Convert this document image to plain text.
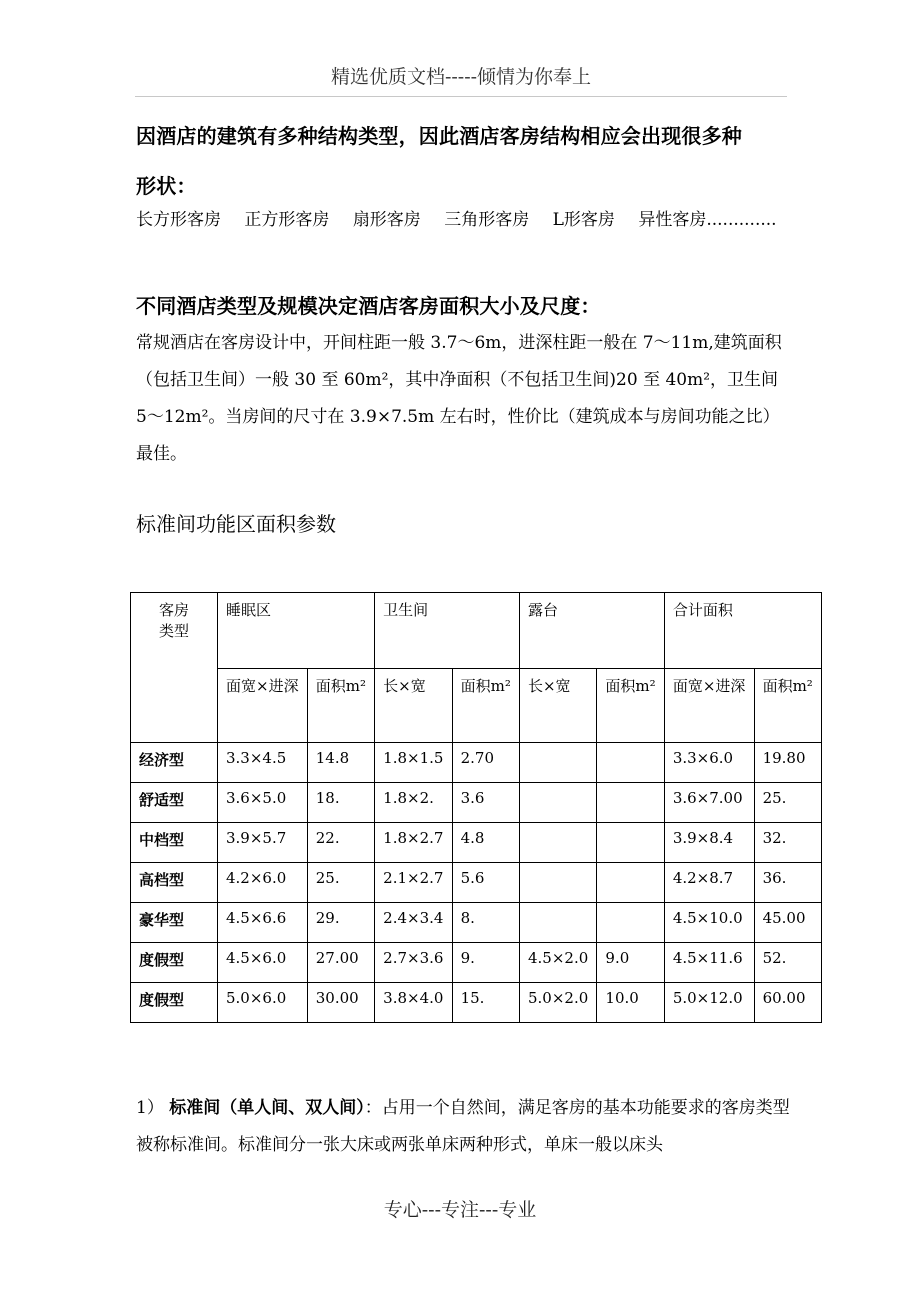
精选优质文档-----倾情为你奉上
因酒店的建筑有多种结构类型，因此酒店客房结构相应会出现很多种
形状：
长方形客房 正方形客房 扇形客房 三角形客房 L形客房 异性客房.............
不同酒店类型及规模决定酒店客房面积大小及尺度：
常规酒店在客房设计中，开间柱距一般 3.7～6m，进深柱距一般在 7～11m,建筑面积（包括卫生间）一般 30 至 60m²，其中净面积（不包括卫生间)20 至 40m²，卫生间 5～12m²。当房间的尺寸在 3.9×7.5m 左右时，性价比（建筑成本与房间功能之比）最佳。
标准间功能区面积参数
客房
类型	睡眠区		卫生间		露台		合计面积	
	面宽×进深	面积m²	长×宽	面积m²	长×宽	面积m²	面宽×进深	面积m²
经济型	3.3×4.5	14.8	1.8×1.5	2.70			3.3×6.0	19.80
舒适型	3.6×5.0	18.	1.8×2.	3.6			3.6×7.00	25.
中档型	3.9×5.7	22.	1.8×2.7	4.8			3.9×8.4	32.
高档型	4.2×6.0	25.	2.1×2.7	5.6			4.2×8.7	36.
豪华型	4.5×6.6	29.	2.4×3.4	8.			4.5×10.0	45.00
度假型	4.5×6.0	27.00	2.7×3.6	9.	4.5×2.0	9.0	4.5×11.6	52.
度假型	5.0×6.0	30.00	3.8×4.0	15.	5.0×2.0	10.0	5.0×12.0	60.00
1） 标准间（单人间、双人间）：占用一个自然间，满足客房的基本功能要求的客房类型被称标准间。标准间分一张大床或两张单床两种形式，单床一般以床头
专心---专注---专业
